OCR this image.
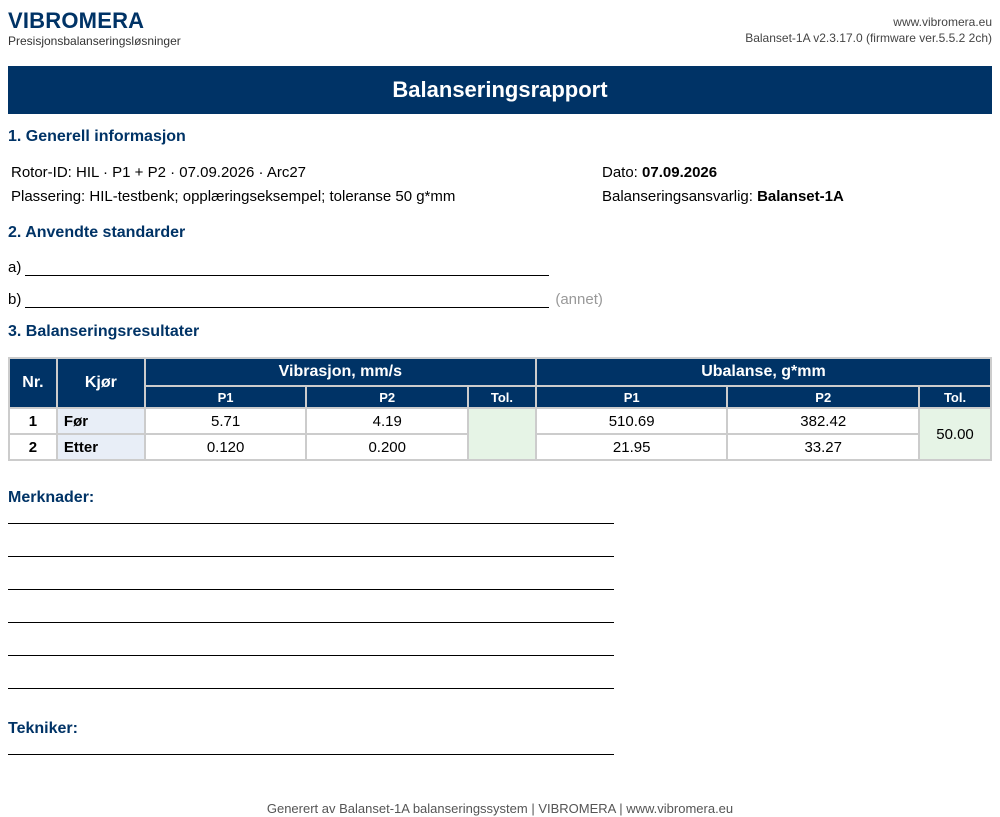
VIBROMERA
Presisjonsbalanseringsløsninger
www.vibromera.eu
Balanset-1A v2.3.17.0 (firmware ver.5.5.2 2ch)
Balanseringsrapport
1. Generell informasjon
Rotor-ID: HIL · P1 + P2 · 07.09.2026 · Arc27
Plassering: HIL-testbenk; opplæringseksempel; toleranse 50 g*mm
Dato: 07.09.2026
Balanseringsansvarlig: Balanset-1A
2. Anvendte standarder
a)
b)	(annet)
3. Balanseringsresultater
Nr.	Kjør	Vibrasjon, mm/s			Ubalanse, g*mm		
		P1	P2	Tol.	P1	P2	Tol.
1	Før	5.71	4.19		510.69	382.42	50.00
2	Etter	0.120	0.200		21.95	33.27	
Merknader:
Tekniker:
Generert av Balanset-1A balanseringssystem | VIBROMERA | www.vibromera.eu
